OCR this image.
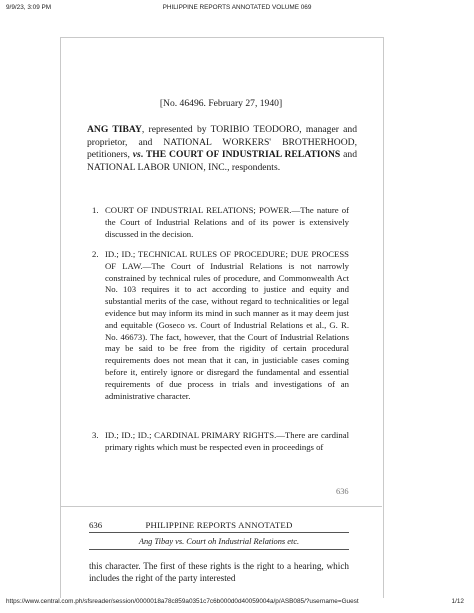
9/9/23, 3:09 PM	PHILIPPINE REPORTS ANNOTATED VOLUME 069
[No. 46496. February 27, 1940]
ANG TIBAY, represented by TORIBIO TEODORO, manager and proprietor, and NATIONAL WORKERS' BROTHERHOOD, petitioners, vs. THE COURT OF INDUSTRIAL RELATIONS and NATIONAL LABOR UNION, INC., respondents.
1. COURT OF INDUSTRIAL RELATIONS; POWER.—The nature of the Court of Industrial Relations and of its power is extensively discussed in the decision.
2. ID.; ID.; TECHNICAL RULES OF PROCEDURE; DUE PROCESS OF LAW.—The Court of Industrial Relations is not narrowly constrained by technical rules of procedure, and Commonwealth Act No. 103 requires it to act according to justice and equity and substantial merits of the case, without regard to technicalities or legal evidence but may inform its mind in such manner as it may deem just and equitable (Goseco vs. Court of Industrial Relations et al., G. R. No. 46673). The fact, however, that the Court of Industrial Relations may be said to be free from the rigidity of certain procedural requirements does not mean that it can, in justiciable cases coming before it, entirely ignore or disregard the fundamental and essential requirements of due process in trials and investigations of an administrative character.
3. ID.; ID.; ID.; CARDINAL PRIMARY RIGHTS.—There are cardinal primary rights which must be respected even in proceedings of
636
636	PHILIPPINE REPORTS ANNOTATED
Ang Tibay vs. Court oh Industrial Relations etc.

this character. The first of these rights is the right to a hearing, which includes the right of the party interested

https://www.central.com.ph/sfsreader/session/0000018a78c859a0351c7c6b000d0d40059004a/p/ASB085/?username=Guest	1/12
